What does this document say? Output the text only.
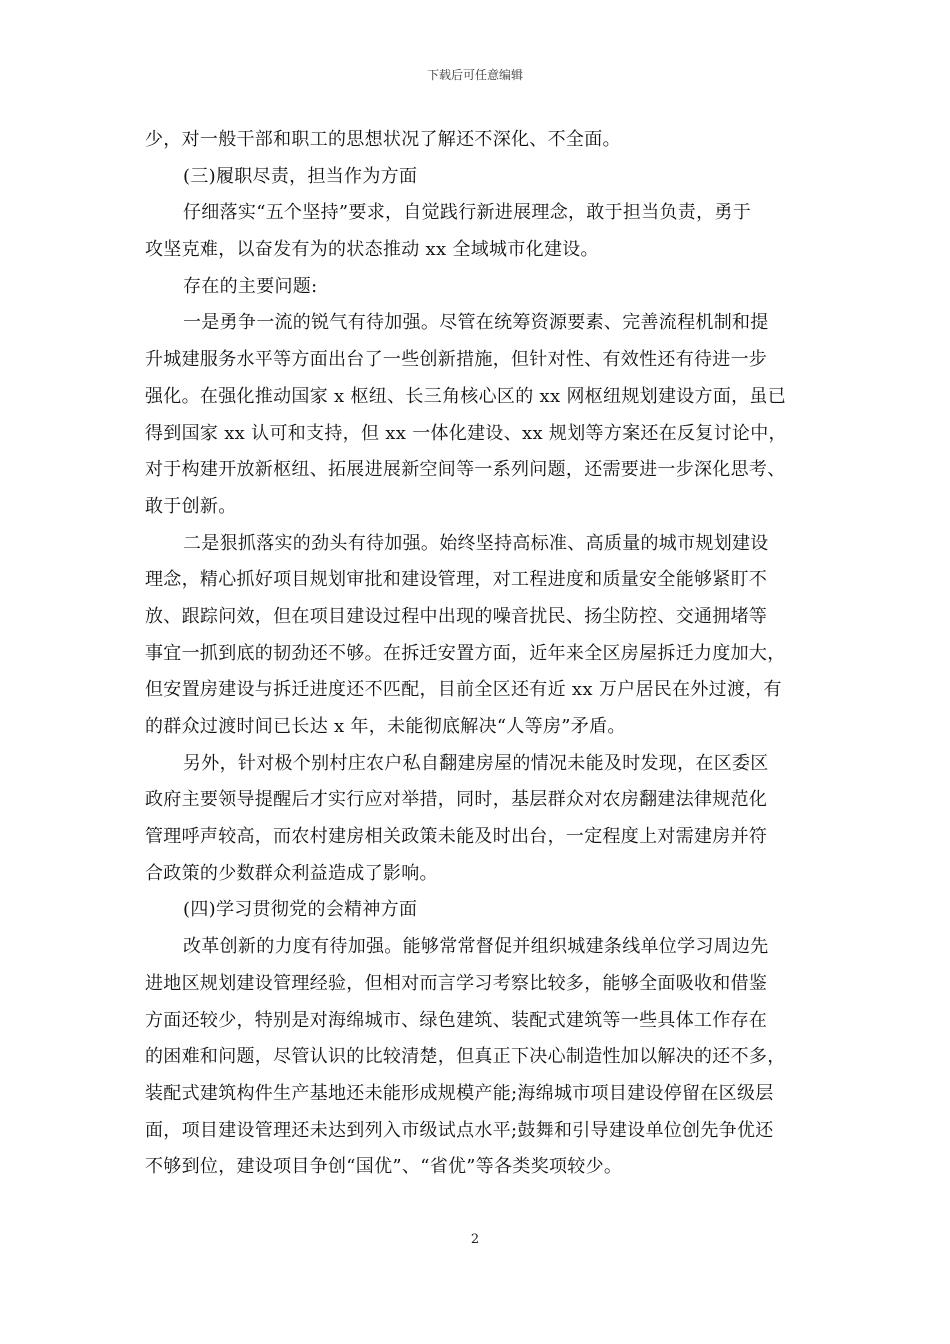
下载后可任意编辑
少，对一般干部和职工的思想状况了解还不深化、不全面。
(三)履职尽责，担当作为方面
仔细落实“五个坚持”要求，自觉践行新进展理念，敢于担当负责，勇于
攻坚克难，以奋发有为的状态推动 xx 全域城市化建设。
存在的主要问题:
一是勇争一流的锐气有待加强。尽管在统筹资源要素、完善流程机制和提
升城建服务水平等方面出台了一些创新措施，但针对性、有效性还有待进一步
强化。在强化推动国家 x 枢纽、长三角核心区的 xx 网枢纽规划建设方面，虽已
得到国家 xx 认可和支持，但 xx 一体化建设、xx 规划等方案还在反复讨论中，
对于构建开放新枢纽、拓展进展新空间等一系列问题，还需要进一步深化思考、
敢于创新。
二是狠抓落实的劲头有待加强。始终坚持高标准、高质量的城市规划建设
理念，精心抓好项目规划审批和建设管理，对工程进度和质量安全能够紧盯不
放、跟踪问效，但在项目建设过程中出现的噪音扰民、扬尘防控、交通拥堵等
事宜一抓到底的韧劲还不够。在拆迁安置方面，近年来全区房屋拆迁力度加大，
但安置房建设与拆迁进度还不匹配，目前全区还有近 xx 万户居民在外过渡，有
的群众过渡时间已长达 x 年，未能彻底解决“人等房”矛盾。
另外，针对极个别村庄农户私自翻建房屋的情况未能及时发现，在区委区
政府主要领导提醒后才实行应对举措，同时，基层群众对农房翻建法律规范化
管理呼声较高，而农村建房相关政策未能及时出台，一定程度上对需建房并符
合政策的少数群众利益造成了影响。
(四)学习贯彻党的会精神方面
改革创新的力度有待加强。能够常常督促并组织城建条线单位学习周边先
进地区规划建设管理经验，但相对而言学习考察比较多，能够全面吸收和借鉴
方面还较少，特别是对海绵城市、绿色建筑、装配式建筑等一些具体工作存在
的困难和问题，尽管认识的比较清楚，但真正下决心制造性加以解决的还不多，
装配式建筑构件生产基地还未能形成规模产能;海绵城市项目建设停留在区级层
面，项目建设管理还未达到列入市级试点水平;鼓舞和引导建设单位创先争优还
不够到位，建设项目争创“国优”、“省优”等各类奖项较少。
2
